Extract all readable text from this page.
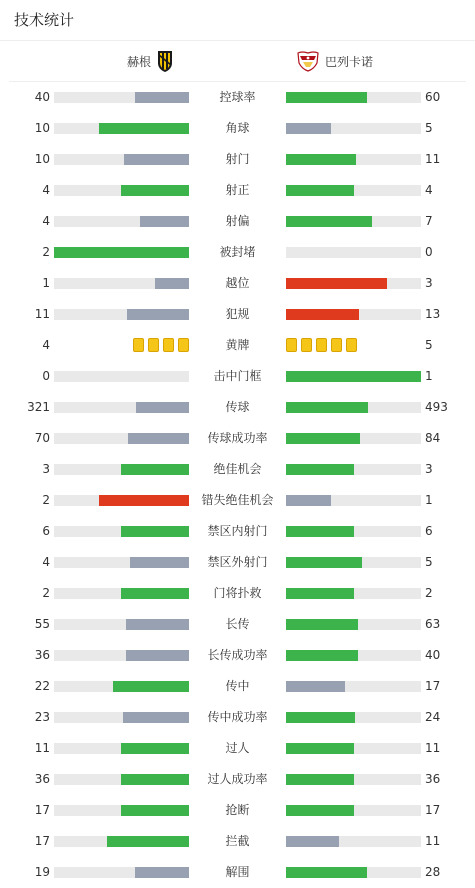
技术统计
赫根	巴列卡诺
40	控球率	60
10	角球	5
10	射门	11
4	射正	4
4	射偏	7
2	被封堵	0
1	越位	3
11	犯规	13
4	黄牌	5
0	击中门框	1
321	传球	493
70	传球成功率	84
3	绝佳机会	3
2	错失绝佳机会	1
6	禁区内射门	6
4	禁区外射门	5
2	门将扑救	2
55	长传	63
36	长传成功率	40
22	传中	17
23	传中成功率	24
11	过人	11
36	过人成功率	36
17	抢断	17
17	拦截	11
19	解围	28
